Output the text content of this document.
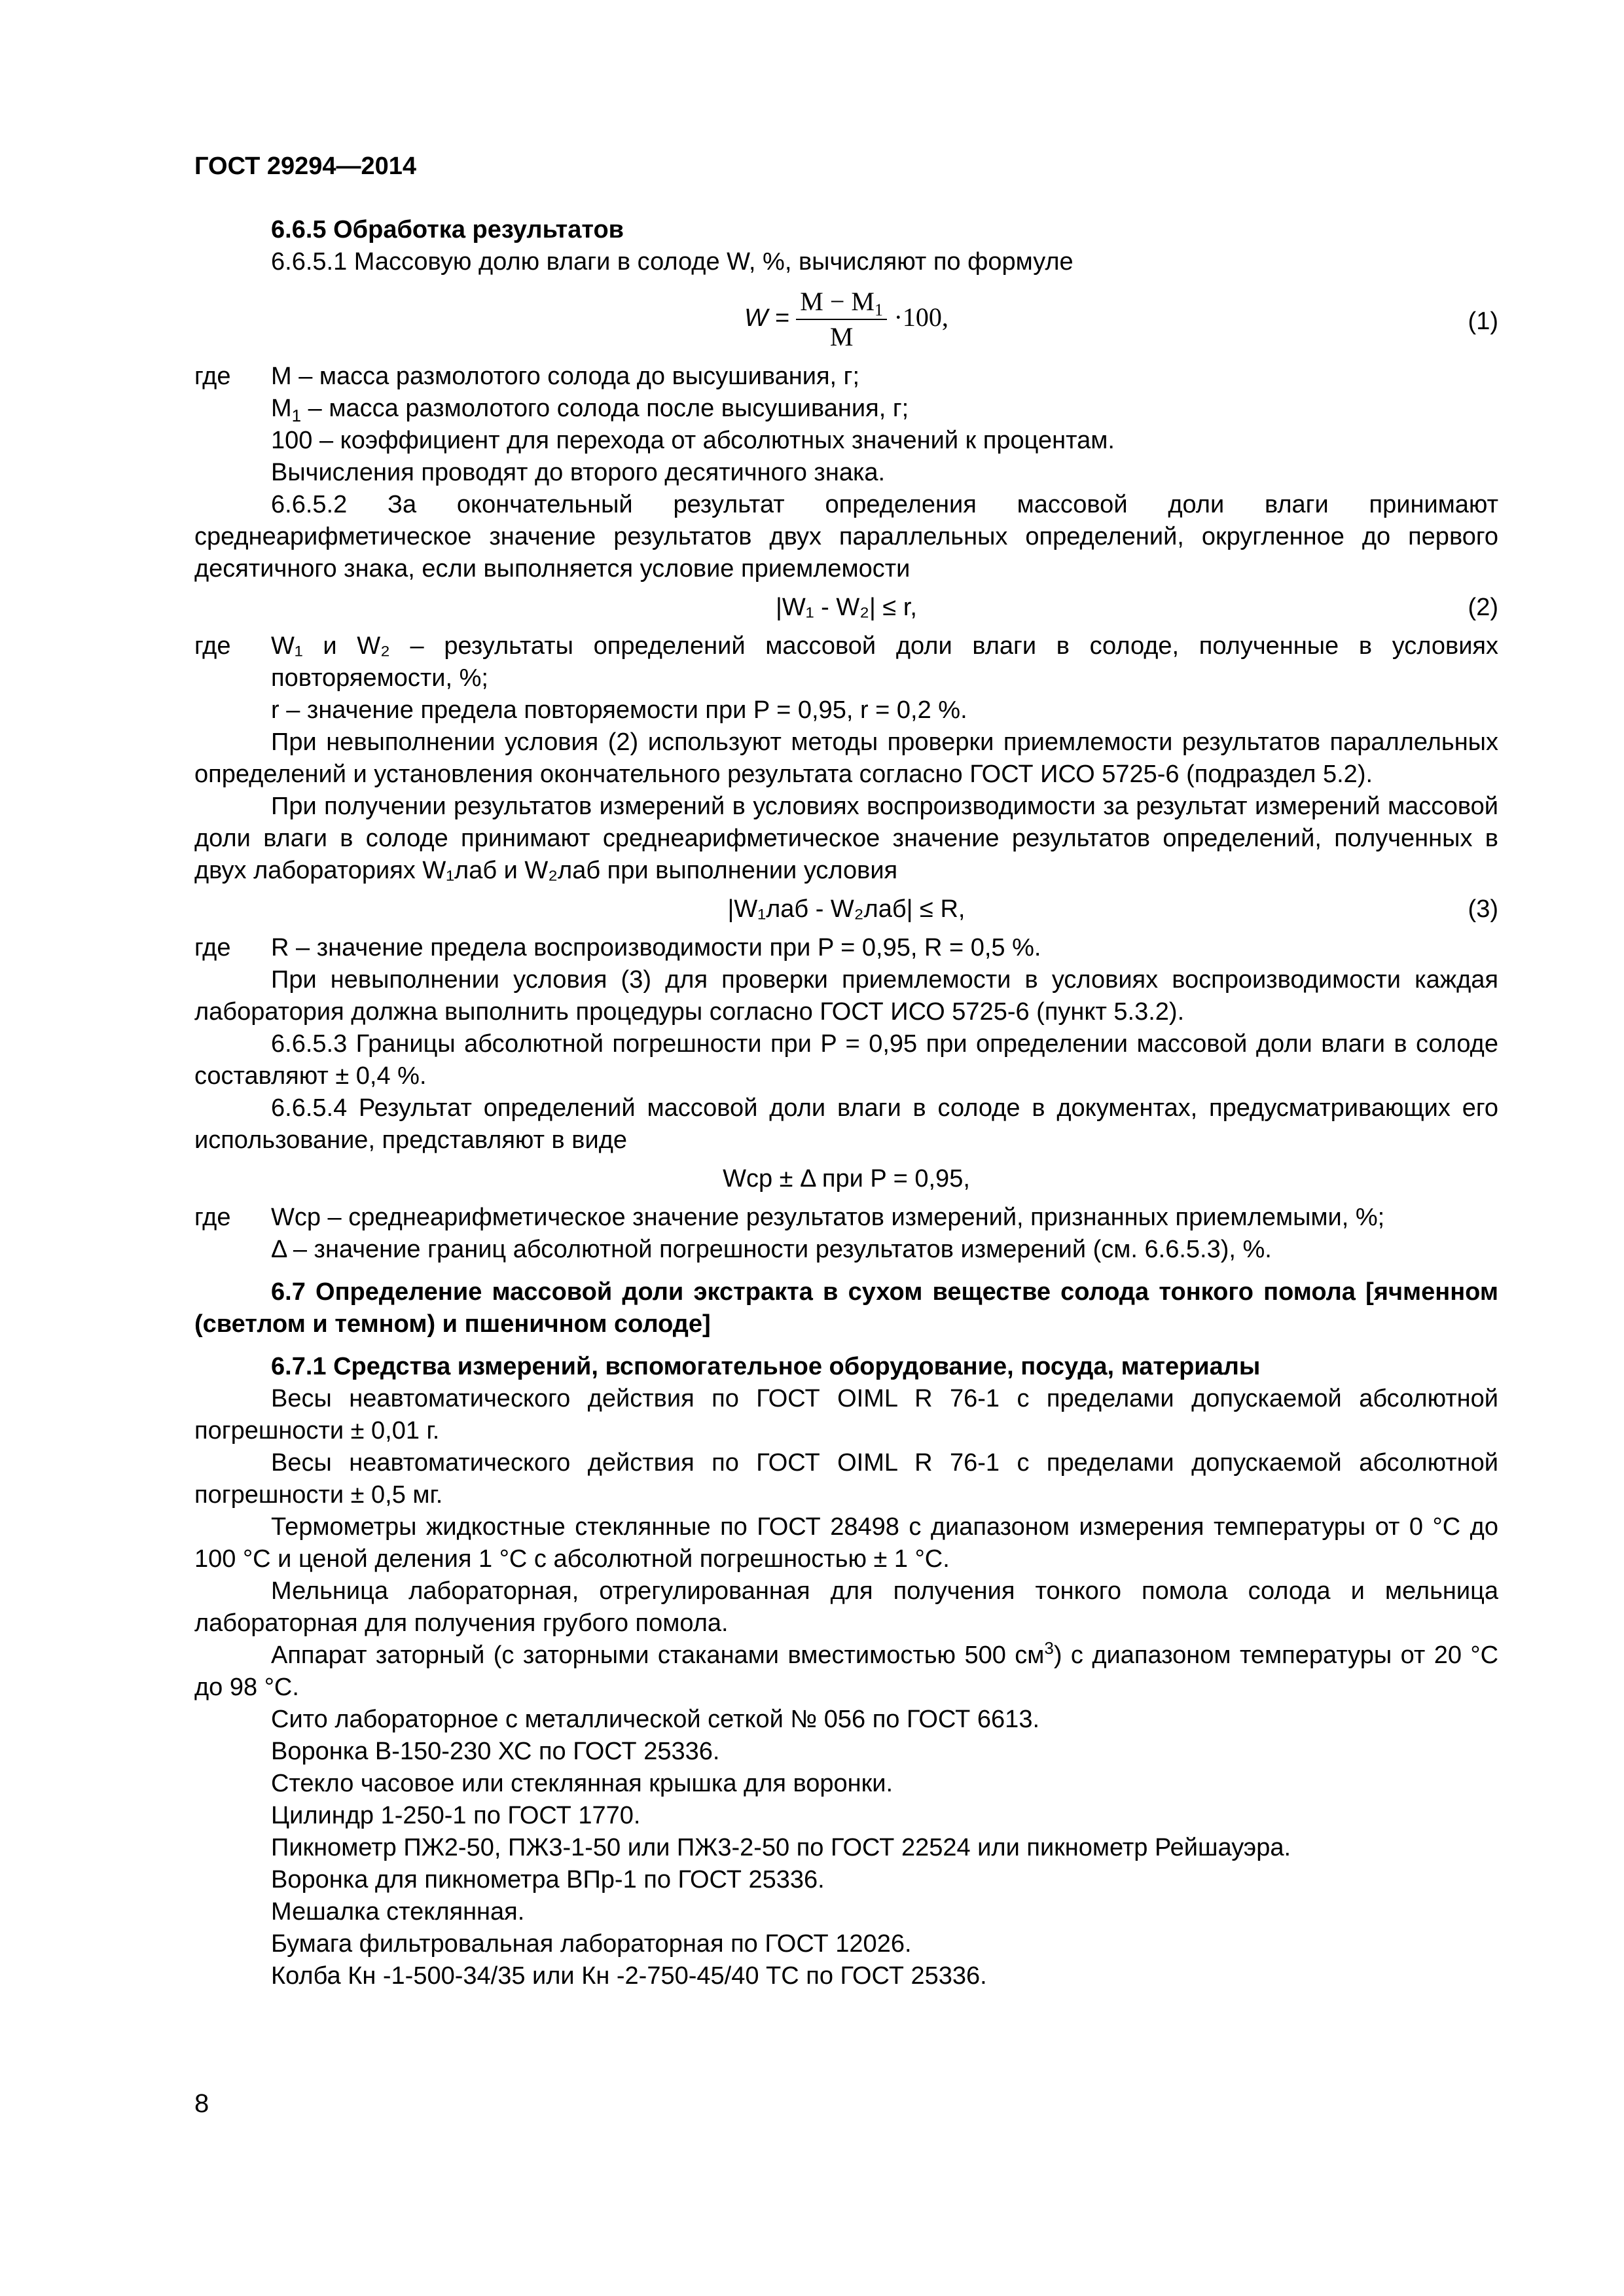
ГОСТ 29294—2014

6.6.5 Обработка результатов

6.6.5.1 Массовую долю влаги в солоде W, %, вычисляют по формуле

$W = \frac{M - M_1}{M} \cdot 100$,	(1)
где	M – масса размолотого солода до высушивания, г;
$M_1$ – масса размолотого солода после высушивания, г;
100 – коэффициент для перехода от абсолютных значений к процентам.

Вычисления проводят до второго десятичного знака.

6.6.5.2 За окончательный результат определения массовой доли влаги принимают среднеарифметическое значение результатов двух параллельных определений, округленное до первого десятичного знака, если выполняется условие приемлемости

|W₁ - W₂| ≤ r,	(2)
где	W₁ и W₂ – результаты определений массовой доли влаги в солоде, полученные в условиях повторяемости, %;
r – значение предела повторяемости при P = 0,95, r = 0,2 %.

При невыполнении условия (2) используют методы проверки приемлемости результатов параллельных определений и установления окончательного результата согласно ГОСТ ИСО 5725-6 (подраздел 5.2).

При получении результатов измерений в условиях воспроизводимости за результат измерений массовой доли влаги в солоде принимают среднеарифметическое значение результатов определений, полученных в двух лабораториях W₁лаб и W₂лаб при выполнении условия

|W₁лаб - W₂лаб| ≤ R,	(3)
где	R – значение предела воспроизводимости при P = 0,95, R = 0,5 %.

При невыполнении условия (3) для проверки приемлемости в условиях воспроизводимости каждая лаборатория должна выполнить процедуры согласно ГОСТ ИСО 5725-6 (пункт 5.3.2).

6.6.5.3 Границы абсолютной погрешности при P = 0,95 при определении массовой доли влаги в солоде составляют ± 0,4 %.

6.6.5.4 Результат определений массовой доли влаги в солоде в документах, предусматривающих его использование, представляют в виде

Wср ± Δ при P = 0,95,
где	Wср – среднеарифметическое значение результатов измерений, признанных приемлемыми, %;
Δ – значение границ абсолютной погрешности результатов измерений (см. 6.6.5.3), %.

6.7 Определение массовой доли экстракта в сухом веществе солода тонкого помола [ячменном (светлом и темном) и пшеничном солоде]

6.7.1 Средства измерений, вспомогательное оборудование, посуда, материалы

Весы неавтоматического действия по ГОСТ OIML R 76-1 с пределами допускаемой абсолютной погрешности ± 0,01 г.

Весы неавтоматического действия по ГОСТ OIML R 76-1 с пределами допускаемой абсолютной погрешности ± 0,5 мг.

Термометры жидкостные стеклянные по ГОСТ 28498 с диапазоном измерения температуры от 0 °С до 100 °С и ценой деления 1 °С с абсолютной погрешностью ± 1 °С.

Мельница лабораторная, отрегулированная для получения тонкого помола солода и мельница лабораторная для получения грубого помола.

Аппарат заторный (с заторными стаканами вместимостью 500 $см^3$) с диапазоном температуры от 20 °С до 98 °С.

Сито лабораторное с металлической сеткой № 056 по ГОСТ 6613.

Воронка В-150-230 ХС по ГОСТ 25336.

Стекло часовое или стеклянная крышка для воронки.

Цилиндр 1-250-1 по ГОСТ 1770.

Пикнометр ПЖ2-50, ПЖ3-1-50 или ПЖ3-2-50 по ГОСТ 22524 или пикнометр Рейшауэра.

Воронка для пикнометра ВПр-1 по ГОСТ 25336.

Мешалка стеклянная.

Бумага фильтровальная лабораторная по ГОСТ 12026.

Колба Кн -1-500-34/35 или Кн -2-750-45/40 ТС по ГОСТ 25336.

8
